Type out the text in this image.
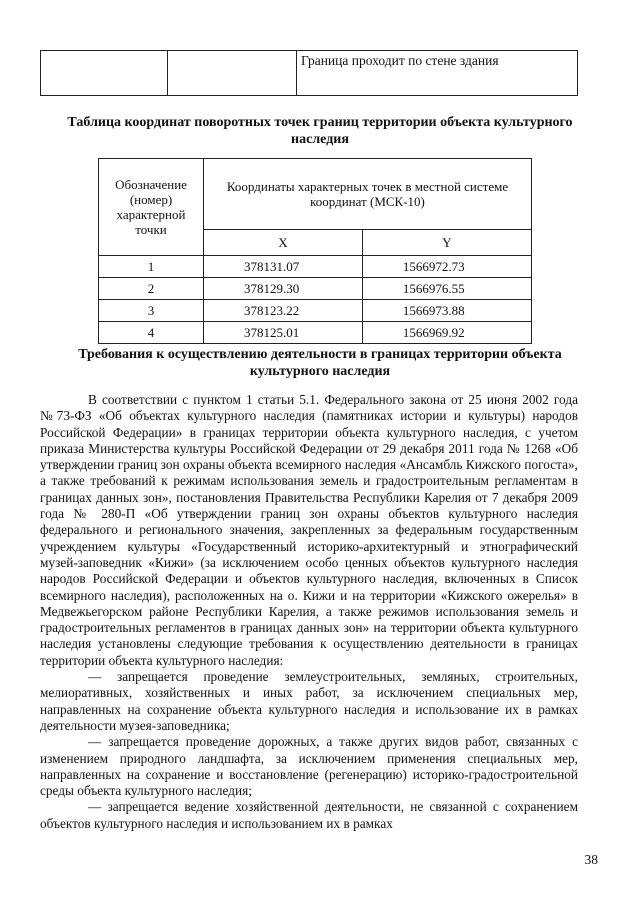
		Граница проходит по стене здания
Таблица координат поворотных точек границ территории объекта культурного наследия
Обозначение (номер) характерной точки	Координаты характерных точек в местной системе координат (МСК-10)	
	X	Y
1	378131.07	1566972.73
2	378129.30	1566976.55
3	378123.22	1566973.88
4	378125.01	1566969.92
Требования к осуществлению деятельности в границах территории объекта культурного наследия

В соответствии с пунктом 1 статьи 5.1. Федерального закона от 25 июня 2002 года №73-ФЗ «Об объектах культурного наследия (памятниках истории и культуры) народов Российской Федерации» в границах территории объекта культурного наследия, с учетом приказа Министерства культуры Российской Федерации от 29 декабря 2011 года № 1268 «Об утверждении границ зон охраны объекта всемирного наследия «Ансамбль Кижского погоста», а также требований к режимам использования земель и градостроительным регламентам в границах данных зон», постановления Правительства Республики Карелия от 7 декабря 2009 года № 280-П «Об утверждении границ зон охраны объектов культурного наследия федерального и регионального значения, закрепленных за федеральным государственным учреждением культуры «Государственный историко-архитектурный и этнографический музей-заповедник «Кижи» (за исключением особо ценных объектов культурного наследия народов Российской Федерации и объектов культурного наследия, включенных в Список всемирного наследия), расположенных на о. Кижи и на территории «Кижского ожерелья» в Медвежьегорском районе Республики Карелия, а также режимов использования земель и градостроительных регламентов в границах данных зон» на территории объекта культурного наследия установлены следующие требования к осуществлению деятельности в границах территории объекта культурного наследия:

— запрещается проведение землеустроительных, земляных, строительных, мелиоративных, хозяйственных и иных работ, за исключением специальных мер, направленных на сохранение объекта культурного наследия и использование их в рамках деятельности музея-заповедника;

— запрещается проведение дорожных, а также других видов работ, связанных с изменением природного ландшафта, за исключением применения специальных мер, направленных на сохранение и восстановление (регенерацию) историко-градостроительной среды объекта культурного наследия;

— запрещается ведение хозяйственной деятельности, не связанной с сохранением объектов культурного наследия и использованием их в рамках

38
